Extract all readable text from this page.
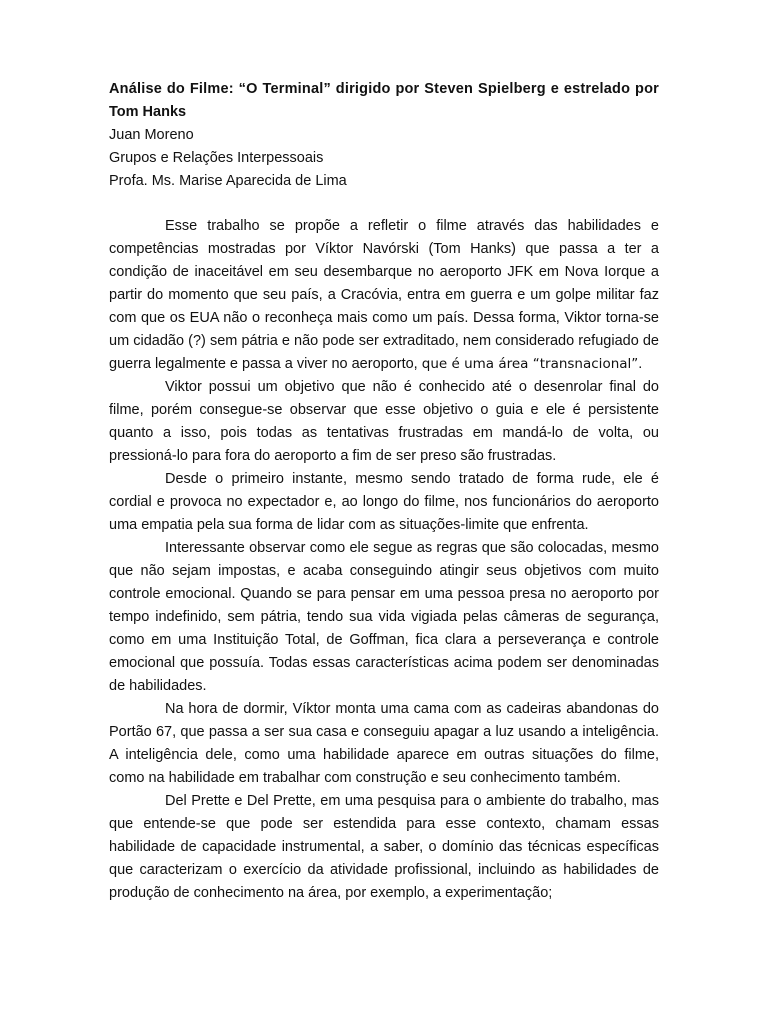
Análise do Filme: “O Terminal” dirigido por Steven Spielberg e estrelado por
Tom Hanks

Juan Moreno

Grupos e Relações Interpessoais

Profa. Ms. Marise Aparecida de Lima

Esse trabalho se propõe a refletir o filme através das habilidades e competências mostradas por Víktor Navórski (Tom Hanks) que passa a ter a condição de inaceitável em seu desembarque no aeroporto JFK em Nova Iorque a partir do momento que seu país, a Cracóvia, entra em guerra e um golpe militar faz com que os EUA não o reconheça mais como um país. Dessa forma, Viktor torna-se um cidadão (?) sem pátria e não pode ser extraditado, nem considerado refugiado de guerra legalmente e passa a viver no aeroporto, que é uma área “transnacional”.

Viktor possui um objetivo que não é conhecido até o desenrolar final do filme, porém consegue-se observar que esse objetivo o guia e ele é persistente quanto a isso, pois todas as tentativas frustradas em mandá-lo de volta, ou pressioná-lo para fora do aeroporto a fim de ser preso são frustradas.

Desde o primeiro instante, mesmo sendo tratado de forma rude, ele é cordial e provoca no expectador e, ao longo do filme, nos funcionários do aeroporto uma empatia pela sua forma de lidar com as situações-limite que enfrenta.

Interessante observar como ele segue as regras que são colocadas, mesmo que não sejam impostas, e acaba conseguindo atingir seus objetivos com muito controle emocional. Quando se para pensar em uma pessoa presa no aeroporto por tempo indefinido, sem pátria, tendo sua vida vigiada pelas câmeras de segurança, como em uma Instituição Total, de Goffman, fica clara a perseverança e controle emocional que possuía. Todas essas características acima podem ser denominadas de habilidades.

Na hora de dormir, Víktor monta uma cama com as cadeiras abandonas do Portão 67, que passa a ser sua casa e conseguiu apagar a luz usando a inteligência. A inteligência dele, como uma habilidade aparece em outras situações do filme, como na habilidade em trabalhar com construção e seu conhecimento também.

Del Prette e Del Prette, em uma pesquisa para o ambiente do trabalho, mas que entende-se que pode ser estendida para esse contexto, chamam essas habilidade de capacidade instrumental, a saber, o domínio das técnicas específicas que caracterizam o exercício da atividade profissional, incluindo as habilidades de produção de conhecimento na área, por exemplo, a experimentação;
